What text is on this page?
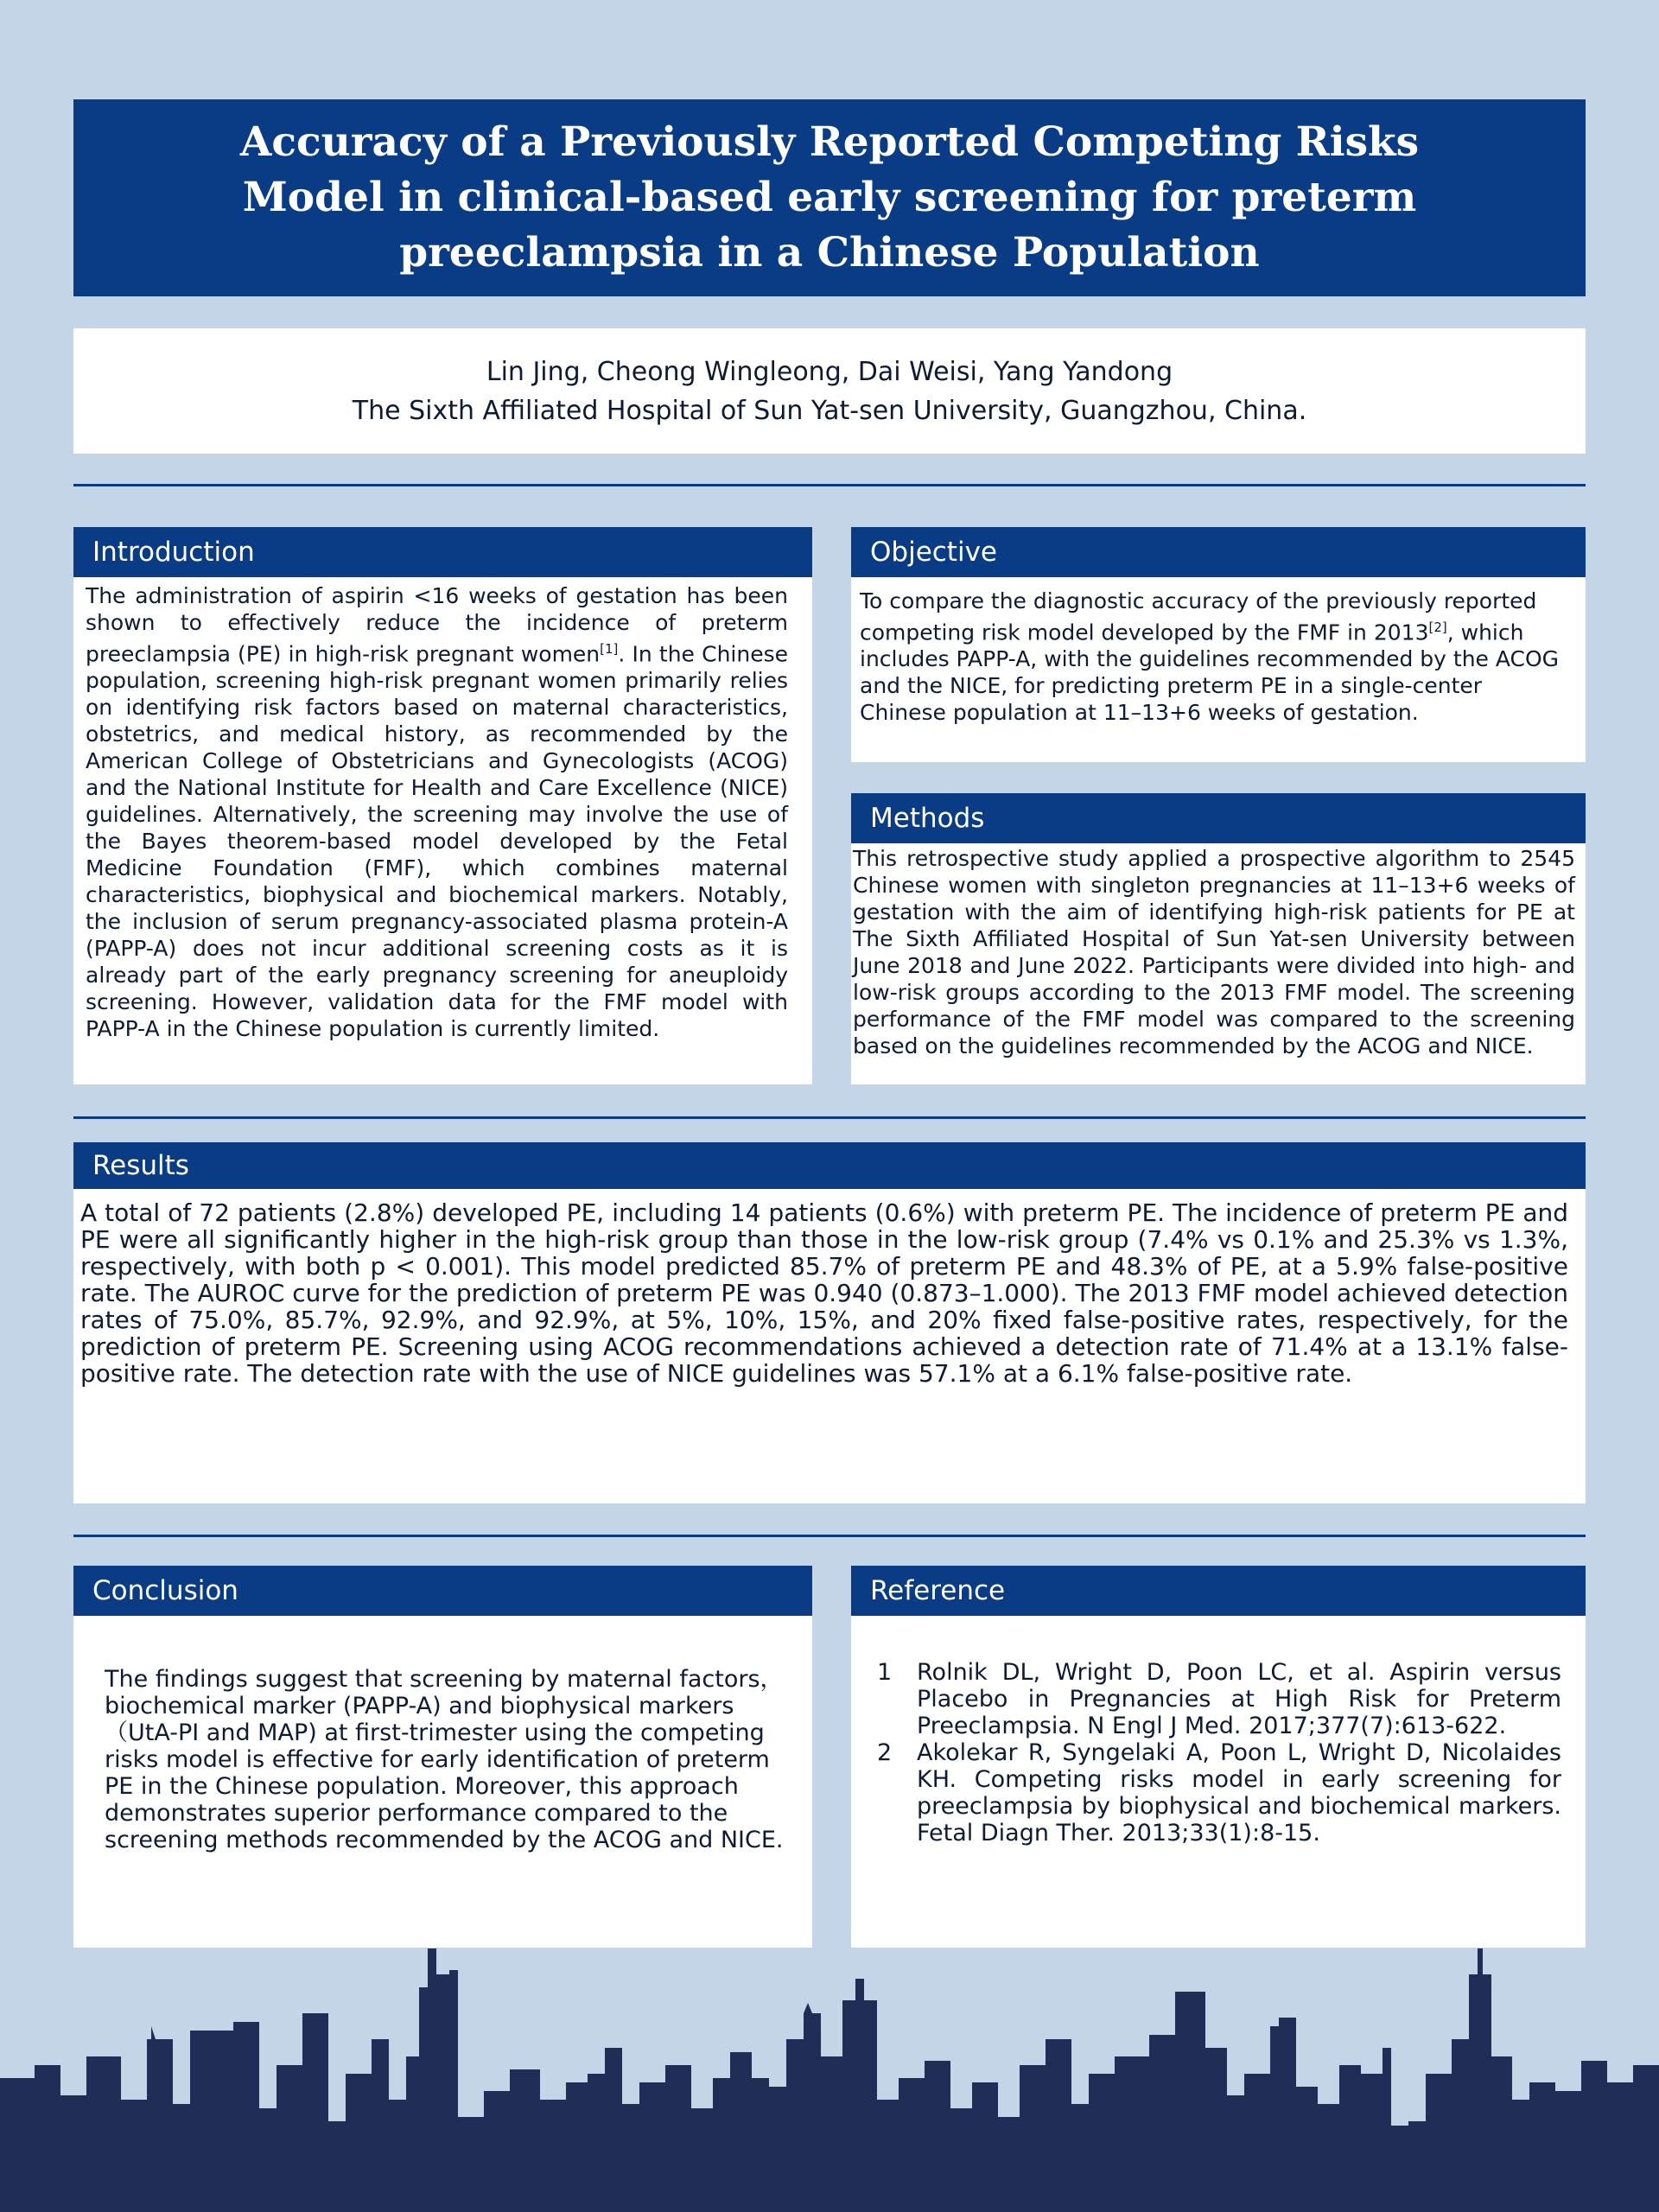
Accuracy of a Previously Reported Competing Risks
Model in clinical-based early screening for preterm
preeclampsia in a Chinese Population
Lin Jing, Cheong Wingleong, Dai Weisi, Yang Yandong
The Sixth Affiliated Hospital of Sun Yat-sen University, Guangzhou, China.
Introduction
The administration of aspirin <16 weeks of gestation has been shown to effectively reduce the incidence of preterm preeclampsia (PE) in high-risk pregnant women[1]. In the Chinese population, screening high-risk pregnant women primarily relies on identifying risk factors based on maternal characteristics, obstetrics, and medical history, as recommended by the American College of Obstetricians and Gynecologists (ACOG) and the National Institute for Health and Care Excellence (NICE) guidelines. Alternatively, the screening may involve the use of the Bayes theorem-based model developed by the Fetal Medicine Foundation (FMF), which combines maternal characteristics, biophysical and biochemical markers. Notably, the inclusion of serum pregnancy-associated plasma protein-A (PAPP-A) does not incur additional screening costs as it is already part of the early pregnancy screening for aneuploidy screening. However, validation data for the FMF model with PAPP-A in the Chinese population is currently limited.
Objective
To compare the diagnostic accuracy of the previously reported competing risk model developed by the FMF in 2013[2], which includes PAPP-A, with the guidelines recommended by the ACOG and the NICE, for predicting preterm PE in a single-center Chinese population at 11–13+6 weeks of gestation.
Methods
This retrospective study applied a prospective algorithm to 2545 Chinese women with singleton pregnancies at 11–13+6 weeks of gestation with the aim of identifying high-risk patients for PE at The Sixth Affiliated Hospital of Sun Yat-sen University between June 2018 and June 2022. Participants were divided into high- and low-risk groups according to the 2013 FMF model. The screening performance of the FMF model was compared to the screening based on the guidelines recommended by the ACOG and NICE.
Results
A total of 72 patients (2.8%) developed PE, including 14 patients (0.6%) with preterm PE. The incidence of preterm PE and PE were all significantly higher in the high-risk group than those in the low-risk group (7.4% vs 0.1% and 25.3% vs 1.3%, respectively, with both p < 0.001). This model predicted 85.7% of preterm PE and 48.3% of PE, at a 5.9% false-positive rate. The AUROC curve for the prediction of preterm PE was 0.940 (0.873–1.000). The 2013 FMF model achieved detection rates of 75.0%, 85.7%, 92.9%, and 92.9%, at 5%, 10%, 15%, and 20% fixed false-positive rates, respectively, for the prediction of preterm PE. Screening using ACOG recommendations achieved a detection rate of 71.4% at a 13.1% false-positive rate. The detection rate with the use of NICE guidelines was 57.1% at a 6.1% false-positive rate.
Conclusion
The findings suggest that screening by maternal factors，biochemical marker (PAPP-A) and biophysical markers（UtA-PI and MAP) at first-trimester using the competing risks model is effective for early identification of preterm PE in the Chinese population. Moreover, this approach demonstrates superior performance compared to the screening methods recommended by the ACOG and NICE.
Reference
1	Rolnik DL, Wright D, Poon LC, et al. Aspirin versus Placebo in Pregnancies at High Risk for Preterm Preeclampsia. N Engl J Med. 2017;377(7):613-622.
2	Akolekar R, Syngelaki A, Poon L, Wright D, Nicolaides KH. Competing risks model in early screening for preeclampsia by biophysical and biochemical markers. Fetal Diagn Ther. 2013;33(1):8-15.
